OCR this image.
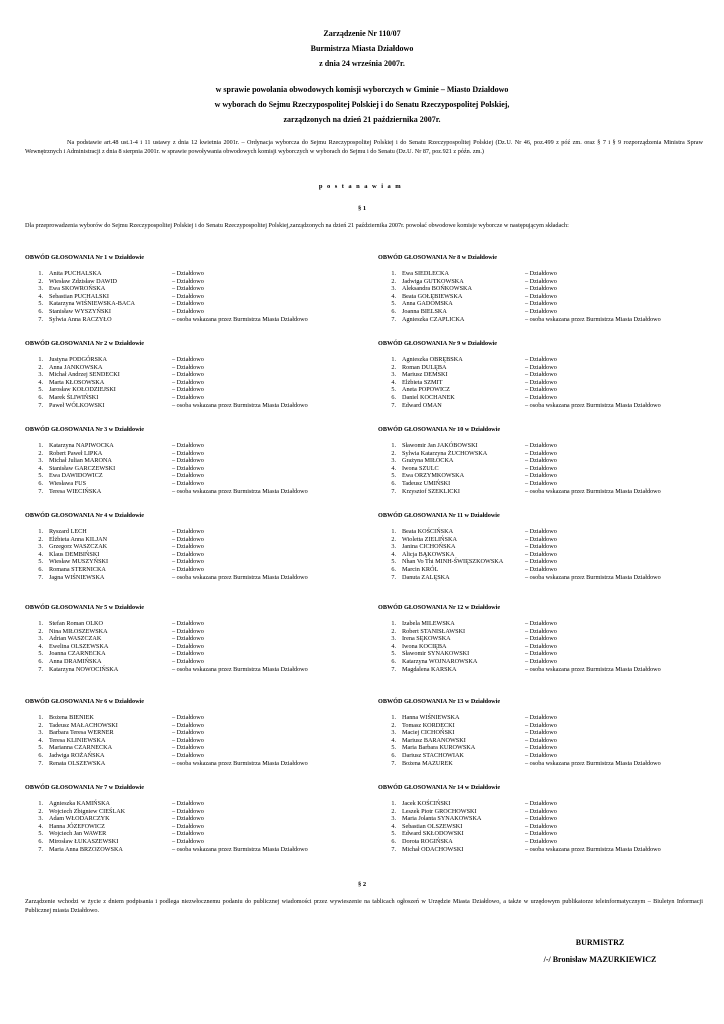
Zarządzenie Nr 110/07
Burmistrza Miasta Działdowo
z dnia 24 września 2007r.
w sprawie powołania obwodowych komisji wyborczych w Gminie – Miasto Działdowo
w wyborach do Sejmu Rzeczypospolitej Polskiej i do Senatu Rzeczypospolitej Polskiej,
zarządzonych na dzień 21 października 2007r.
Na podstawie art.48 ust.1-4 i 11 ustawy z dnia 12 kwietnia 2001r. – Ordynacja wyborcza do Sejmu Rzeczypospolitej Polskiej i do Senatu Rzeczypospolitej Polskiej (Dz.U. Nr 46, poz.499 z póź zm. oraz § 7 i § 9 rozporządzenia Ministra Spraw Wewnętrznych i Administracji z dnia 8 sierpnia 2001r. w sprawie powoływania obwodowych komisji wyborczych w wyborach do Sejmu i do Senatu (Dz.U. Nr 87, poz.921 z późn. zm.)
postanawiam
§ 1
Dla przeprowadzenia wyborów do Sejmu Rzeczypospolitej Polskiej i do Senatu Rzeczypospolitej Polskiej,zarządzonych na dzień 21 października 2007r. powołać obwodowe komisje wyborcze w następującym składach:
OBWÓD GŁOSOWANIA Nr 1 w Działdowie
1. Anita PUCHALSKA	– Działdowo
2. Wiesław Zdzisław DAWID	– Działdowo
3. Ewa SKOWROŃSKA	– Działdowo
4. Sebastian PUCHALSKI	– Działdowo
5. Katarzyna WIŚNIEWSKA-BACA	– Działdowo
6. Stanisław WYSZYŃSKI	– Działdowo
7. Sylwia Anna RACZYŁO	– osoba wskazana przez Burmistrza Miasta Działdowo
OBWÓD GŁOSOWANIA Nr 2 w Działdowie
1. Justyna PODGÓRSKA	– Działdowo
2. Anna JANKOWSKA	– Działdowo
3. Michał Andrzej SENDECKI	– Działdowo
4. Marta KŁOSOWSKA	– Działdowo
5. Jarosław KOŁODZIEJSKI	– Działdowo
6. Marek ŚLIWIŃSKI	– Działdowo
7. Paweł WÓLKOWSKI	– osoba wskazana przez Burmistrza Miasta Działdowo
OBWÓD GŁOSOWANIA Nr 3 w Działdowie
1. Katarzyna NAPIWOCKA	– Działdowo
2. Robert Paweł LIPKA	– Działdowo
3. Michał Julian MARONA	– Działdowo
4. Stanisław GARCZEWSKI	– Działdowo
5. Ewa DAWIDOWICZ	– Działdowo
6. Wiesława FUS	– Działdowo
7. Teresa WIECIŃSKA	– osoba wskazana przez Burmistrza Miasta Działdowo
OBWÓD GŁOSOWANIA Nr 4 w Działdowie
1. Ryszard LECH	– Działdowo
2. Elżbieta Anna KILJAN	– Działdowo
3. Grzegorz WASZCZAK	– Działdowo
4. Klaus DEMBIŃSKI	– Działdowo
5. Wiesław MUSZYŃSKI	– Działdowo
6. Romana STERNICKA	– Działdowo
7. Jagna WIŚNIEWSKA	– osoba wskazana przez Burmistrza Miasta Działdowo
OBWÓD GŁOSOWANIA Nr 5 w Działdowie
1. Stefan Roman OLKO	– Działdowo
2. Nina MIŁOSZEWSKA	– Działdowo
3. Adrian WASZCZAK	– Działdowo
4. Ewelina OLSZEWSKA	– Działdowo
5. Joanna CZARNECKA	– Działdowo
6. Anna DRAMIŃSKA	– Działdowo
7. Katarzyna NOWOCIŃSKA	– osoba wskazana przez Burmistrza Miasta Działdowo
OBWÓD GŁOSOWANIA Nr 6 w Działdowie
1. Bożena BIENIEK	– Działdowo
2. Tadeusz MAŁACHOWSKI	– Działdowo
3. Barbara Teresa WERNER	– Działdowo
4. Teresa KLINIEWSKA	– Działdowo
5. Marianna CZARNECKA	– Działdowo
6. Jadwiga ROŻAŃSKA	– Działdowo
7. Renata OLSZEWSKA	– osoba wskazana przez Burmistrza Miasta Działdowo
OBWÓD GŁOSOWANIA Nr 7 w Działdowie
1. Agnieszka KAMIŃSKA	– Działdowo
2. Wojciech Zbigniew CIEŚLAK	– Działdowo
3. Adam WŁODARCZYK	– Działdowo
4. Hanna JÓZEFOWICZ	– Działdowo
5. Wojciech Jan WAWER	– Działdowo
6. Mirosław ŁUKASZEWSKI	– Działdowo
7. Maria Anna BRZOZOWSKA	– osoba wskazana przez Burmistrza Miasta Działdowo
OBWÓD GŁOSOWANIA Nr 8 w Działdowie
1. Ewa SIEDLECKA	– Działdowo
2. Jadwiga GUTKOWSKA	– Działdowo
3. Aleksandra BOŃKOWSKA	– Działdowo
4. Beata GOŁĘBIEWSKA	– Działdowo
5. Anna GADOMSKA	– Działdowo
6. Joanna BIELSKA	– Działdowo
7. Agnieszka CZAPLICKA	– osoba wskazana przez Burmistrza Miasta Działdowo
OBWÓD GŁOSOWANIA Nr 9 w Działdowie
1. Agnieszka OBRĘBSKA	– Działdowo
2. Roman DULĘBA	– Działdowo
3. Mariusz DEMSKI	– Działdowo
4. Elżbieta SZMIT	– Działdowo
5. Aneta POPOWICZ	– Działdowo
6. Daniel KOCHANEK	– Działdowo
7. Edward OMAN	– osoba wskazana przez Burmistrza Miasta Działdowo
OBWÓD GŁOSOWANIA Nr 10 w Działdowie
1. Sławomir Jan JAKÓBOWSKI	– Działdowo
2. Sylwia Katarzyna ŻUCHOWSKA	– Działdowo
3. Grażyna MIŁOCKA	– Działdowo
4. Iwona SZULC	– Działdowo
5. Ewa ORZYMKOWSKA	– Działdowo
6. Tadeusz UMIŃSKI	– Działdowo
7. Krzysztof SZEKLICKI	– osoba wskazana przez Burmistrza Miasta Działdowo
OBWÓD GŁOSOWANIA Nr 11 w Działdowie
1. Beata KOŚCIŃSKA	– Działdowo
2. Wioletta ZIELIŃSKA	– Działdowo
3. Janina CICHOŃSKA	– Działdowo
4. Alicja BĄKOWSKA	– Działdowo
5. Nhan Vo Thi MINH-ŚWIĘSZKOWSKA	– Działdowo
6. Marcin KRÓL	– Działdowo
7. Danuta ZALĘSKA	– osoba wskazana przez Burmistrza Miasta Działdowo
OBWÓD GŁOSOWANIA Nr 12 w Działdowie
1. Izabela MILEWSKA	– Działdowo
2. Robert STANISŁAWSKI	– Działdowo
3. Irena SĘKOWSKA	– Działdowo
4. Iwona KOCIĘBA	– Działdowo
5. Sławomir SYNAKOWSKI	– Działdowo
6. Katarzyna WOJNAROWSKA	– Działdowo
7. Magdalena KARSKA	– osoba wskazana przez Burmistrza Miasta Działdowo
OBWÓD GŁOSOWANIA Nr 13 w Działdowie
1. Hanna WIŚNIEWSKA	– Działdowo
2. Tomasz KORDECKI	– Działdowo
3. Maciej CICHOŃSKI	– Działdowo
4. Mariusz BARANOWSKI	– Działdowo
5. Maria Barbara KUROWSKA	– Działdowo
6. Dariusz STACHOWIAK	– Działdowo
7. Bożena MAZUREK	– osoba wskazana przez Burmistrza Miasta Działdowo
OBWÓD GŁOSOWANIA Nr 14 w Działdowie
1. Jacek KOŚCIŃSKI	– Działdowo
2. Leszek Piotr GROCHOWSKI	– Działdowo
3. Maria Jolanta SYNAKOWSKA	– Działdowo
4. Sebastian OLSZEWSKI	– Działdowo
5. Edward SKŁODOWSKI	– Działdowo
6. Dorota ROGIŃSKA	– Działdowo
7. Michał ODACHOWSKI	– osoba wskazana przez Burmistrza Miasta Działdowo
§ 2
Zarządzenie wchodzi w życie z dniem podpisania i podlega niezwłocznemu podaniu do publicznej wiadomości przez wywieszenie na tablicach ogłoszeń w Urzędzie Miasta Działdowo, a także w urzędowym publikatorze teleinformatycznym – Biuletyn Informacji Publicznej miasta Działdowo.
BURMISTRZ
/-/ Bronisław MAZURKIEWICZ
